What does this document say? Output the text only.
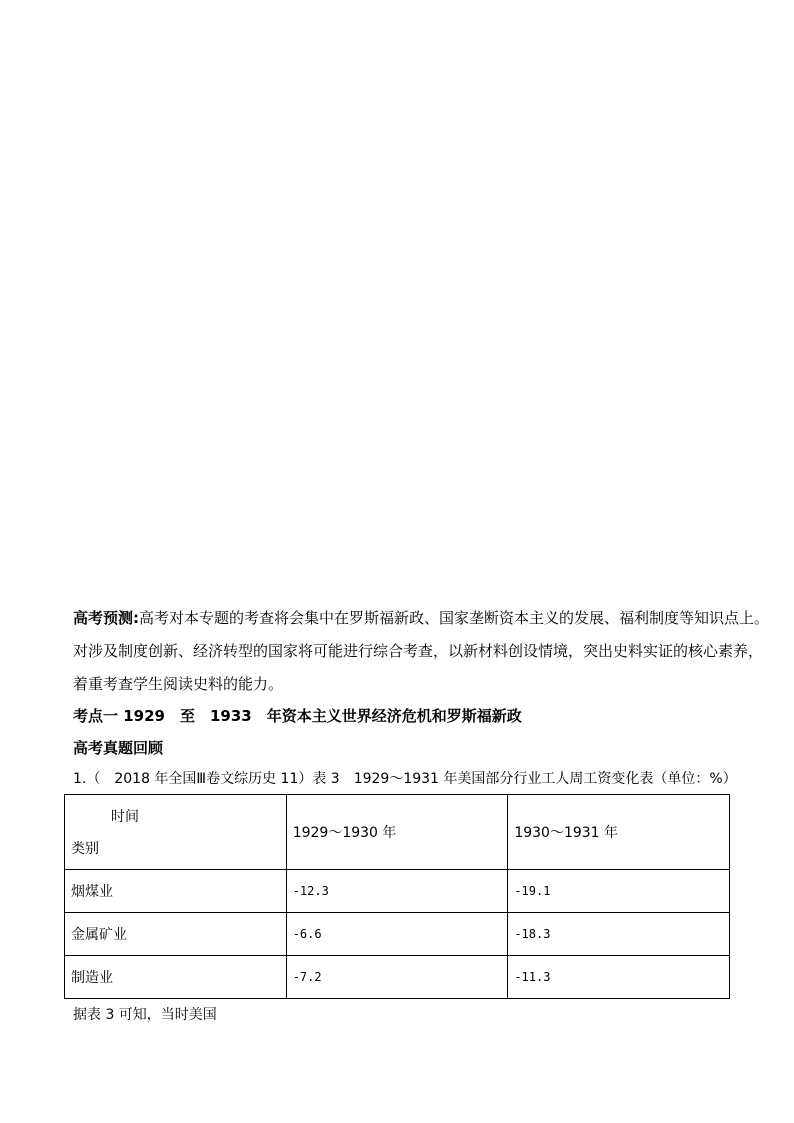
高考预测:高考对本专题的考查将会集中在罗斯福新政、国家垄断资本主义的发展、福利制度等知识点上。
对涉及制度创新、经济转型的国家将可能进行综合考查，以新材料创设情境，突出史料实证的核心素养，
着重考查学生阅读史料的能力。
考点一 1929　至　1933　年资本主义世界经济危机和罗斯福新政
高考真题回顾
1.（　2018 年全国Ⅲ卷文综历史 11）表 3　1929～1931 年美国部分行业工人周工资变化表（单位：%）
时间
类别	1929～1930 年	1930～1931 年
烟煤业	-12.3	-19.1
金属矿业	-6.6	-18.3
制造业	-7.2	-11.3
据表 3 可知，当时美国
